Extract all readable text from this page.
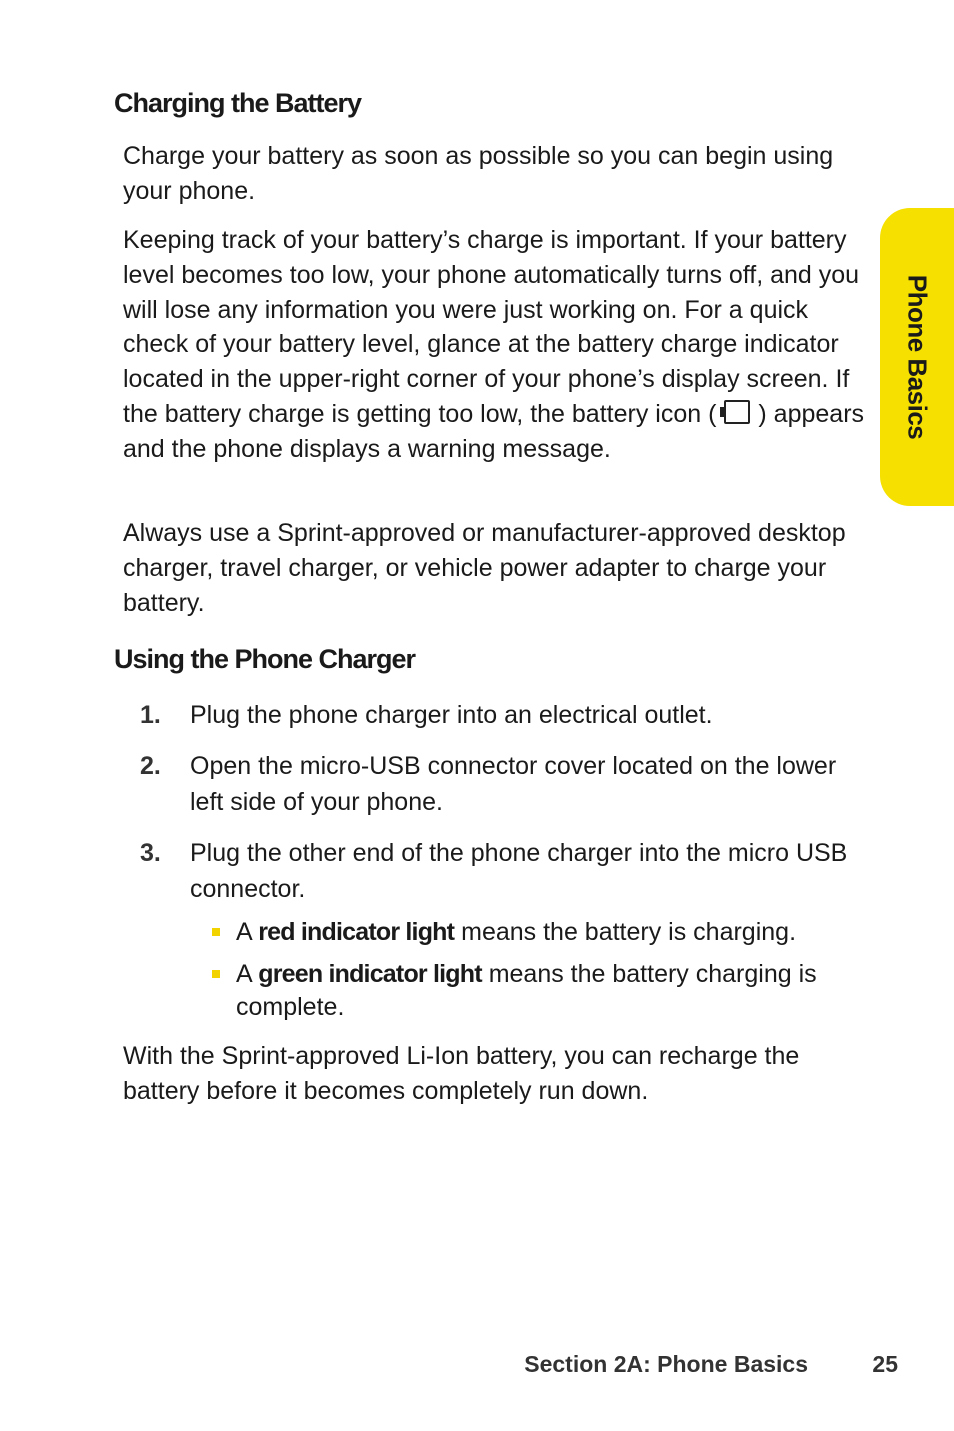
Charging the Battery

Charge your battery as soon as possible so you can begin using your phone.

Keeping track of your battery’s charge is important. If your battery level becomes too low, your phone automatically turns off, and you will lose any information you were just working on. For a quick check of your battery level, glance at the battery charge indicator located in the upper-right corner of your phone’s display screen. If the battery charge is getting too low, the battery icon ( ) appears and the phone displays a warning message.

Always use a Sprint-approved or manufacturer-approved desktop charger, travel charger, or vehicle power adapter to charge your battery.

Using the Phone Charger
1.	Plug the phone charger into an electrical outlet.
2.	Open the micro-USB connector cover located on the lower left side of your phone.
3.	Plug the other end of the phone charger into the micro USB connector.
A red indicator light means the battery is charging.
A green indicator light means the battery charging is complete.

With the Sprint-approved Li-Ion battery, you can recharge the battery before it becomes completely run down.

Phone Basics
Section 2A: Phone Basics	25
